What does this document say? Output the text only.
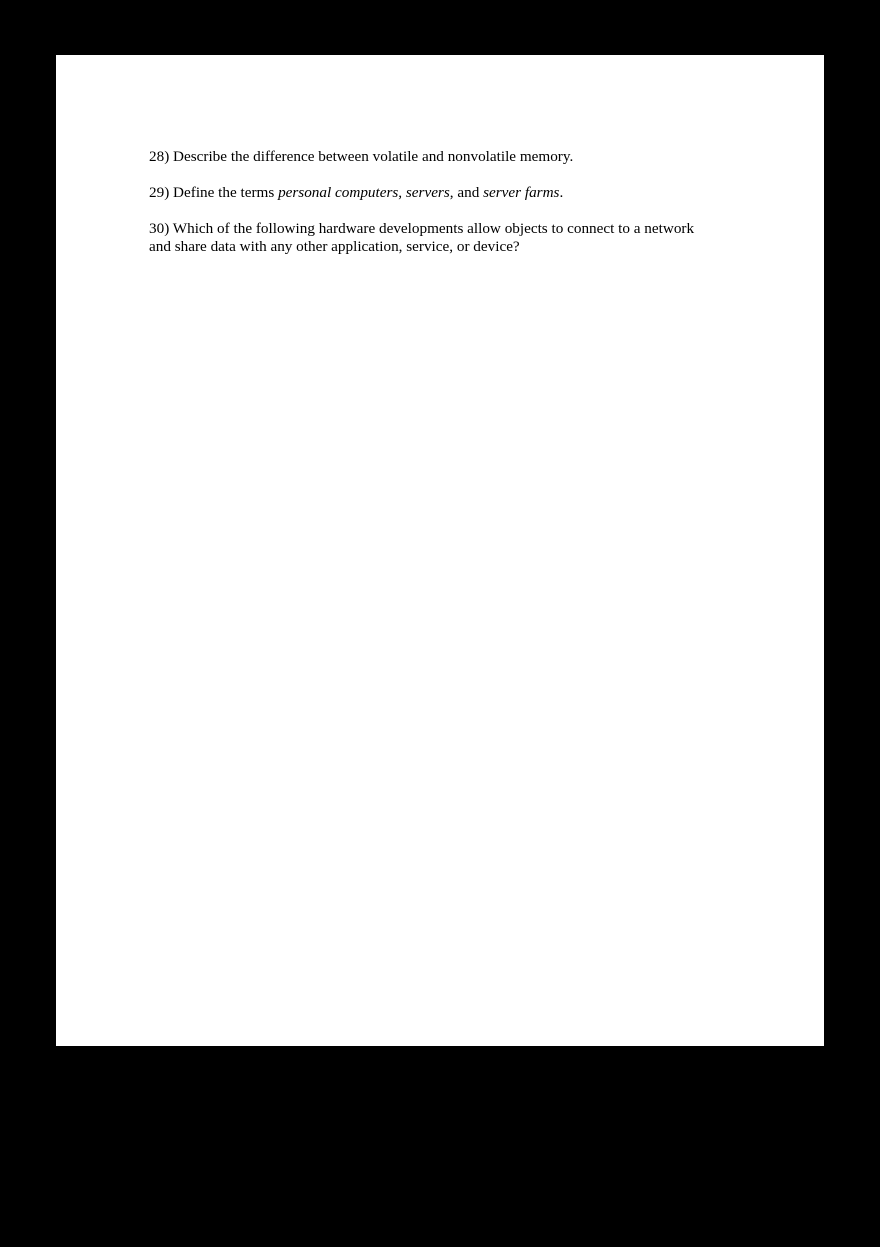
28) Describe the difference between volatile and nonvolatile memory.

29) Define the terms personal computers, servers, and server farms.

30) Which of the following hardware developments allow objects to connect to a network and share data with any other application, service, or device?
